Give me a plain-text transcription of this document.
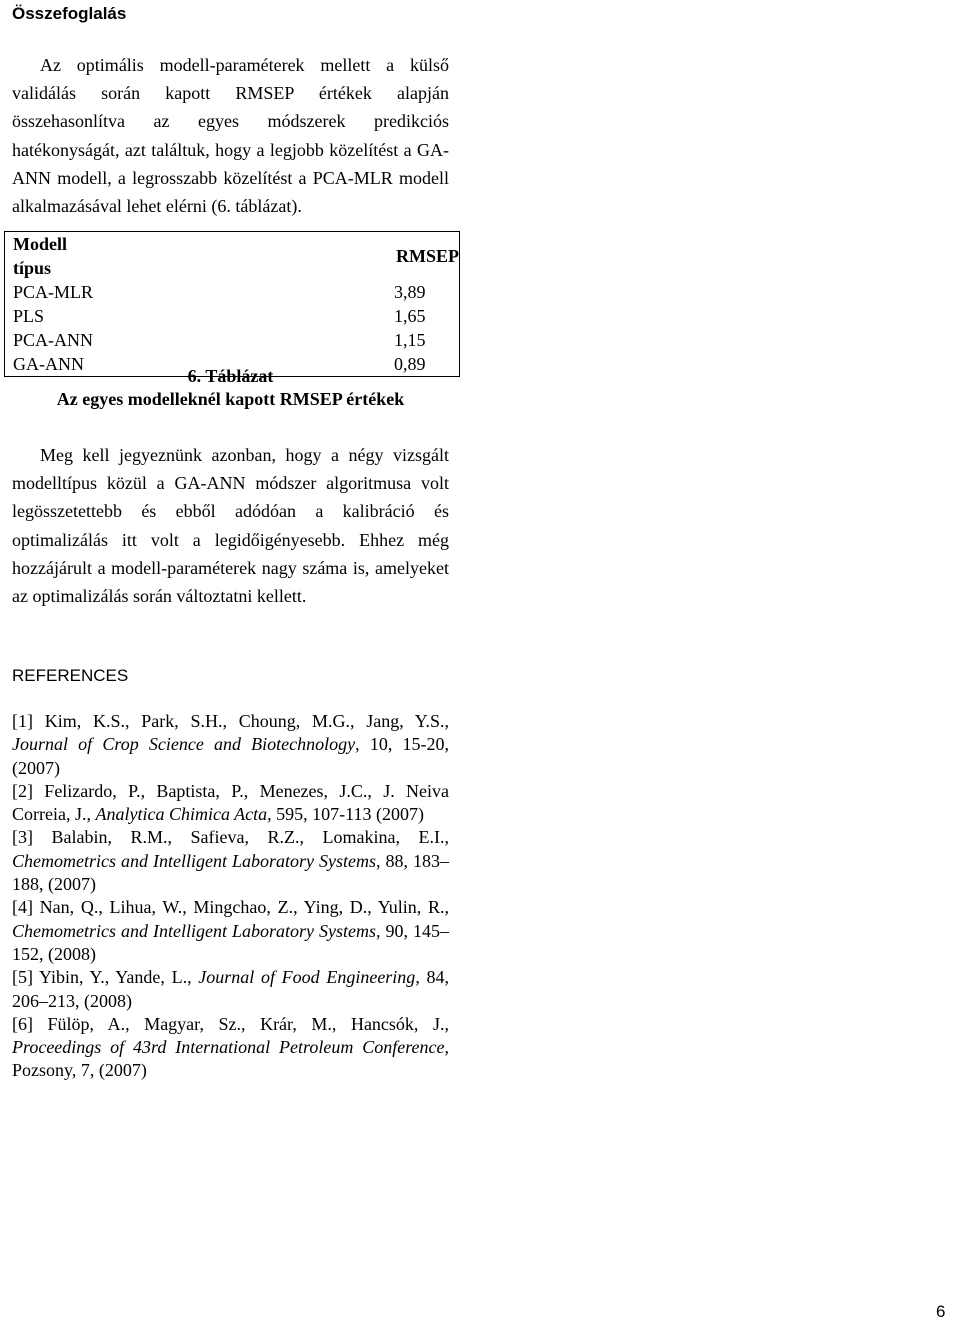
Összefoglalás

Az optimális modell-paraméterek mellett a külső validálás során kapott RMSEP értékek alapján összehasonlítva az egyes módszerek predikciós hatékonyságát, azt találtuk, hogy a legjobb közelítést a GA-ANN modell, a legrosszabb közelítést a PCA-MLR modell alkalmazásával lehet elérni (6. táblázat).

Modell típus	RMSEP
PCA-MLR	3,89
PLS	1,65
PCA-ANN	1,15
GA-ANN	0,89
6. Táblázat
Az egyes modelleknél kapott RMSEP értékek

Meg kell jegyeznünk azonban, hogy a négy vizsgált modelltípus közül a GA-ANN módszer algoritmusa volt legösszetettebb és ebből adódóan a kalibráció és optimalizálás itt volt a legidőigényesebb. Ehhez még hozzájárult a modell-paraméterek nagy száma is, amelyeket az optimalizálás során változtatni kellett.

REFERENCES

[1] Kim, K.S., Park, S.H., Choung, M.G., Jang, Y.S., Journal of Crop Science and Biotechnology, 10, 15-20, (2007)

[2] Felizardo, P., Baptista, P., Menezes, J.C., J. Neiva Correia, J., Analytica Chimica Acta, 595, 107-113 (2007)

[3] Balabin, R.M., Safieva, R.Z., Lomakina, E.I., Chemometrics and Intelligent Laboratory Systems, 88, 183–188, (2007)

[4] Nan, Q., Lihua, W., Mingchao, Z., Ying, D., Yulin, R., Chemometrics and Intelligent Laboratory Systems, 90, 145–152, (2008)

[5] Yibin, Y., Yande, L., Journal of Food Engineering, 84, 206–213, (2008)

[6] Fülöp, A., Magyar, Sz., Krár, M., Hancsók, J., Proceedings of 43rd International Petroleum Conference, Pozsony, 7, (2007)

6
